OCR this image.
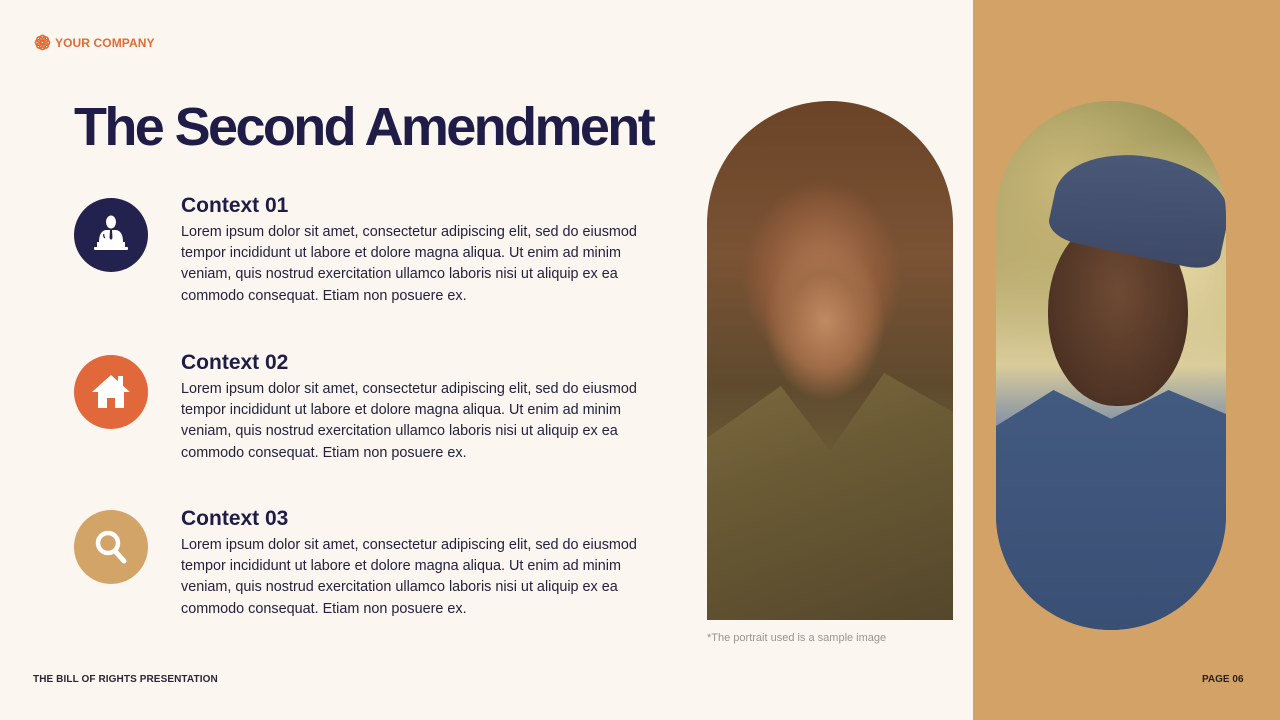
YOUR COMPANY
The Second Amendment
Context 01
Lorem ipsum dolor sit amet, consectetur adipiscing elit, sed do eiusmod tempor incididunt ut labore et dolore magna aliqua. Ut enim ad minim veniam, quis nostrud exercitation ullamco laboris nisi ut aliquip ex ea commodo consequat. Etiam non posuere ex.
Context 02
Lorem ipsum dolor sit amet, consectetur adipiscing elit, sed do eiusmod tempor incididunt ut labore et dolore magna aliqua. Ut enim ad minim veniam, quis nostrud exercitation ullamco laboris nisi ut aliquip ex ea commodo consequat. Etiam non posuere ex.
Context 03
Lorem ipsum dolor sit amet, consectetur adipiscing elit, sed do eiusmod tempor incididunt ut labore et dolore magna aliqua. Ut enim ad minim veniam, quis nostrud exercitation ullamco laboris nisi ut aliquip ex ea commodo consequat. Etiam non posuere ex.
*The portrait used is a sample image
THE BILL OF RIGHTS PRESENTATION	PAGE 06
